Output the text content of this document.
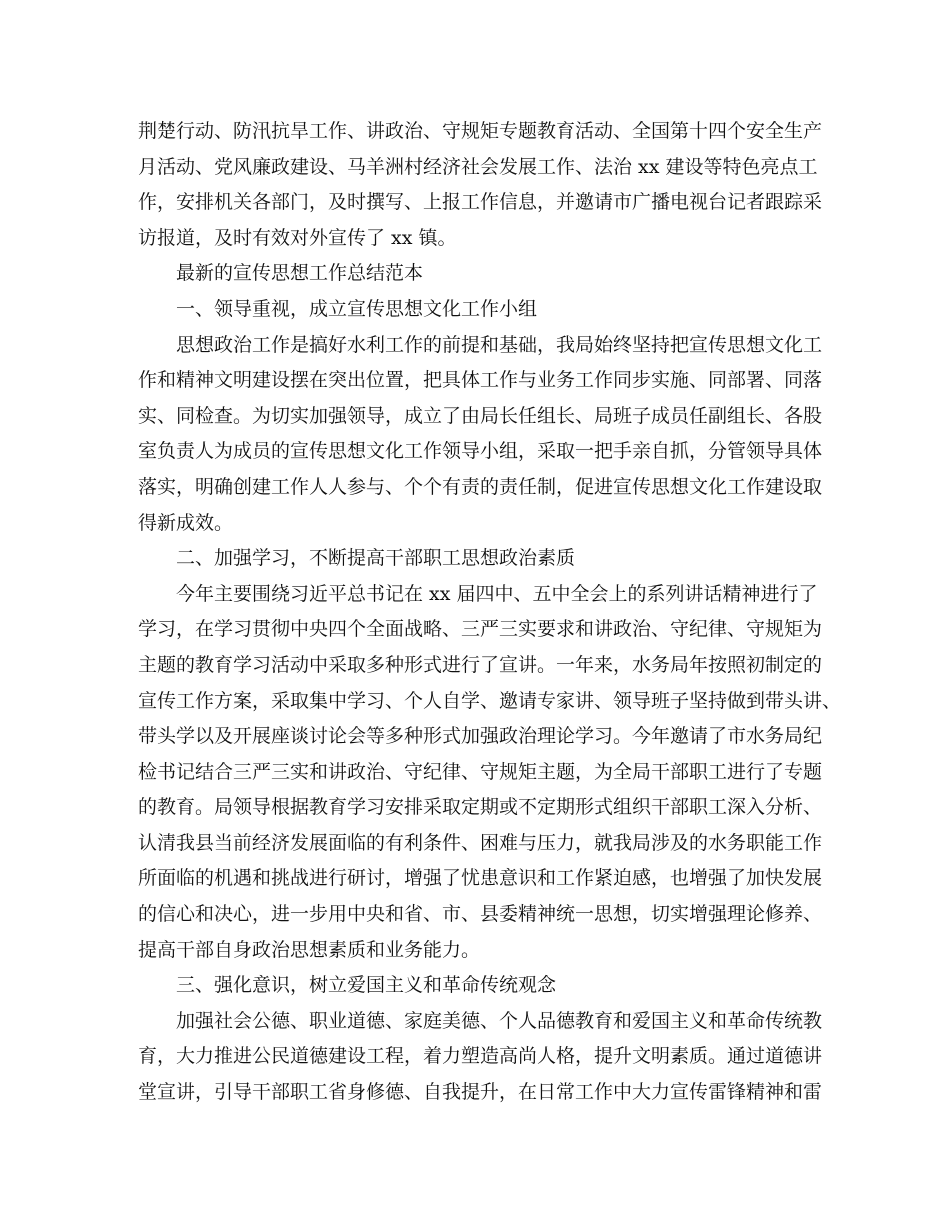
荆楚行动、防汛抗旱工作、讲政治、守规矩专题教育活动、全国第十四个安全生产
月活动、党风廉政建设、马羊洲村经济社会发展工作、法治 xx 建设等特色亮点工
作，安排机关各部门，及时撰写、上报工作信息，并邀请市广播电视台记者跟踪采
访报道，及时有效对外宣传了 xx 镇。
最新的宣传思想工作总结范本
一、领导重视，成立宣传思想文化工作小组
思想政治工作是搞好水利工作的前提和基础，我局始终坚持把宣传思想文化工
作和精神文明建设摆在突出位置，把具体工作与业务工作同步实施、同部署、同落
实、同检查。为切实加强领导，成立了由局长任组长、局班子成员任副组长、各股
室负责人为成员的宣传思想文化工作领导小组，采取一把手亲自抓，分管领导具体
落实，明确创建工作人人参与、个个有责的责任制，促进宣传思想文化工作建设取
得新成效。
二、加强学习，不断提高干部职工思想政治素质
今年主要围绕习近平总书记在 xx 届四中、五中全会上的系列讲话精神进行了
学习，在学习贯彻中央四个全面战略、三严三实要求和讲政治、守纪律、守规矩为
主题的教育学习活动中采取多种形式进行了宣讲。一年来，水务局年按照初制定的
宣传工作方案，采取集中学习、个人自学、邀请专家讲、领导班子坚持做到带头讲、
带头学以及开展座谈讨论会等多种形式加强政治理论学习。今年邀请了市水务局纪
检书记结合三严三实和讲政治、守纪律、守规矩主题，为全局干部职工进行了专题
的教育。局领导根据教育学习安排采取定期或不定期形式组织干部职工深入分析、
认清我县当前经济发展面临的有利条件、困难与压力，就我局涉及的水务职能工作
所面临的机遇和挑战进行研讨，增强了忧患意识和工作紧迫感，也增强了加快发展
的信心和决心，进一步用中央和省、市、县委精神统一思想，切实增强理论修养、
提高干部自身政治思想素质和业务能力。
三、强化意识，树立爱国主义和革命传统观念
加强社会公德、职业道德、家庭美德、个人品德教育和爱国主义和革命传统教
育，大力推进公民道德建设工程，着力塑造高尚人格，提升文明素质。通过道德讲
堂宣讲，引导干部职工省身修德、自我提升，在日常工作中大力宣传雷锋精神和雷
